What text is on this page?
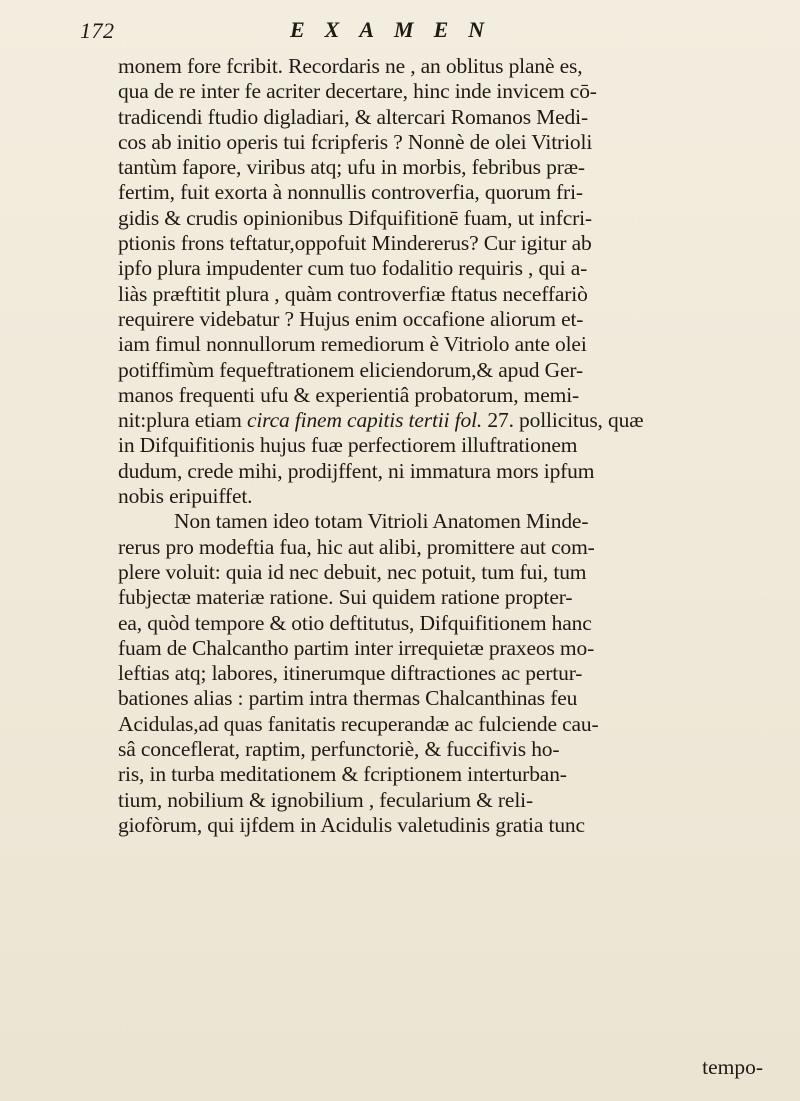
172	EXAMEN
monem fore fcribit. Recordaris ne , an oblitus planè es,
qua de re inter fe acriter decertare, hinc inde invicem cō-
tradicendi ftudio digladiari, & altercari Romanos Medi-
cos ab initio operis tui fcripferis ? Nonnè de olei Vitrioli
tantùm fapore, viribus atq; ufu in morbis, febribus præ-
fertim, fuit exorta à nonnullis controverfia, quorum fri-
gidis & crudis opinionibus Difquifitionē fuam, ut infcri-
ptionis frons teftatur,oppofuit Mindererus? Cur igitur ab
ipfo plura impudenter cum tuo fodalitio requiris , qui a-
liàs præftitit plura , quàm controverfiæ ftatus neceffariò
requirere videbatur ? Hujus enim occafione aliorum et-
iam fimul nonnullorum remediorum è Vitriolo ante olei
potiffimùm fequeftrationem eliciendorum,& apud Ger-
manos frequenti ufu & experientiâ probatorum, memi-
nit:plura etiam circa finem capitis tertii fol. 27. pollicitus, quæ
in Difquifitionis hujus fuæ perfectiorem illuftrationem
dudum, crede mihi, prodijffent, ni immatura mors ipfum
nobis eripuiffet.
Non tamen ideo totam Vitrioli Anatomen Minde-
rerus pro modeftia fua, hic aut alibi, promittere aut com-
plere voluit: quia id nec debuit, nec potuit, tum fui, tum
fubjectæ materiæ ratione. Sui quidem ratione propter-
ea, quòd tempore & otio deftitutus, Difquifitionem hanc
fuam de Chalcantho partim inter irrequietæ praxeos mo-
leftias atq; labores, itinerumque diftractiones ac pertur-
bationes alias : partim intra thermas Chalcanthinas feu
Acidulas,ad quas fanitatis recuperandæ ac fulciende cau-
sâ conceflerat, raptim, perfunctoriè, & fuccifivis ho-
ris, in turba meditationem & fcriptionem interturban-
tium, nobilium & ignobilium , fecularium & reli-
giofòrum, qui ijfdem in Acidulis valetudinis gratia tunc
tempo-
